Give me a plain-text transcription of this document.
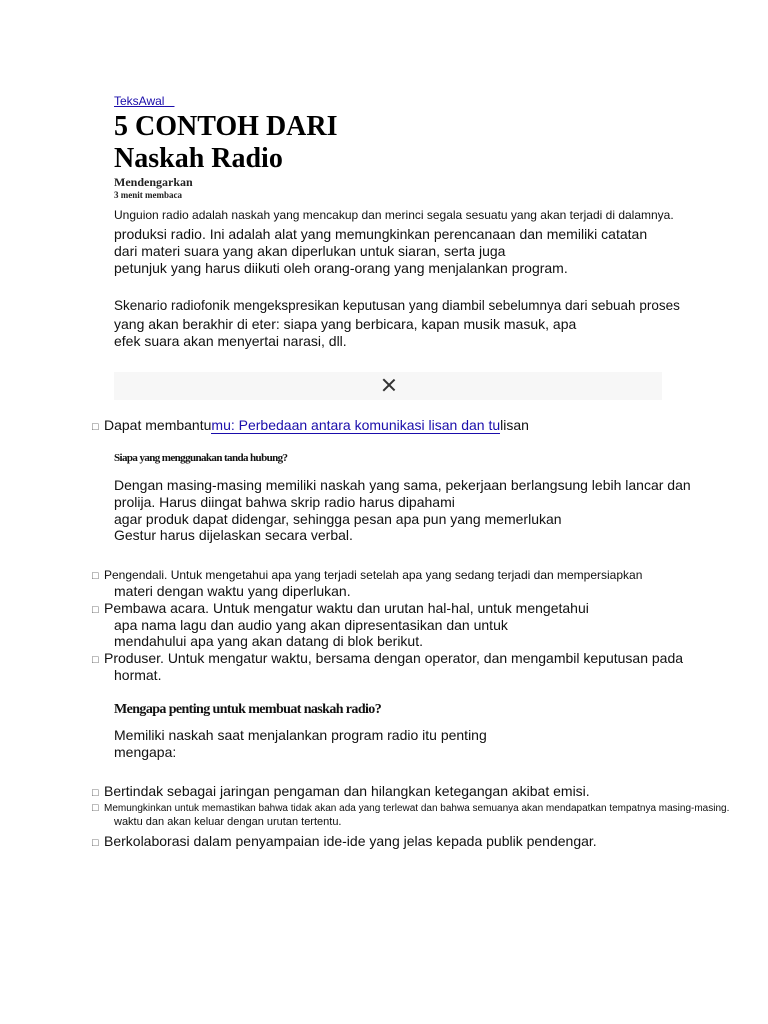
TeksAwal
5 CONTOH DARI
Naskah Radio
Mendengarkan
3 menit membaca
Unguion radio adalah naskah yang mencakup dan merinci segala sesuatu yang akan terjadi di dalamnya.
produksi radio. Ini adalah alat yang memungkinkan perencanaan dan memiliki catatan
dari materi suara yang akan diperlukan untuk siaran, serta juga
petunjuk yang harus diikuti oleh orang-orang yang menjalankan program.
Skenario radiofonik mengekspresikan keputusan yang diambil sebelumnya dari sebuah proses
yang akan berakhir di eter: siapa yang berbicara, kapan musik masuk, apa
efek suara akan menyertai narasi, dll.
□ Dapat membantumu: Perbedaan antara komunikasi lisan dan tulisan
Siapa yang menggunakan tanda hubung?
Dengan masing-masing memiliki naskah yang sama, pekerjaan berlangsung lebih lancar dan
prolija. Harus diingat bahwa skrip radio harus dipahami
agar produk dapat didengar, sehingga pesan apa pun yang memerlukan
Gestur harus dijelaskan secara verbal.
□ Pengendali. Untuk mengetahui apa yang terjadi setelah apa yang sedang terjadi dan mempersiapkan
materi dengan waktu yang diperlukan.
□ Pembawa acara. Untuk mengatur waktu dan urutan hal-hal, untuk mengetahui
apa nama lagu dan audio yang akan dipresentasikan dan untuk
mendahului apa yang akan datang di blok berikut.
□ Produser. Untuk mengatur waktu, bersama dengan operator, dan mengambil keputusan pada
hormat.
Mengapa penting untuk membuat naskah radio?
Memiliki naskah saat menjalankan program radio itu penting
mengapa:
□ Bertindak sebagai jaringan pengaman dan hilangkan ketegangan akibat emisi.
□ Memungkinkan untuk memastikan bahwa tidak akan ada yang terlewat dan bahwa semuanya akan mendapatkan tempatnya masing-masing.
waktu dan akan keluar dengan urutan tertentu.
□ Berkolaborasi dalam penyampaian ide-ide yang jelas kepada publik pendengar.
